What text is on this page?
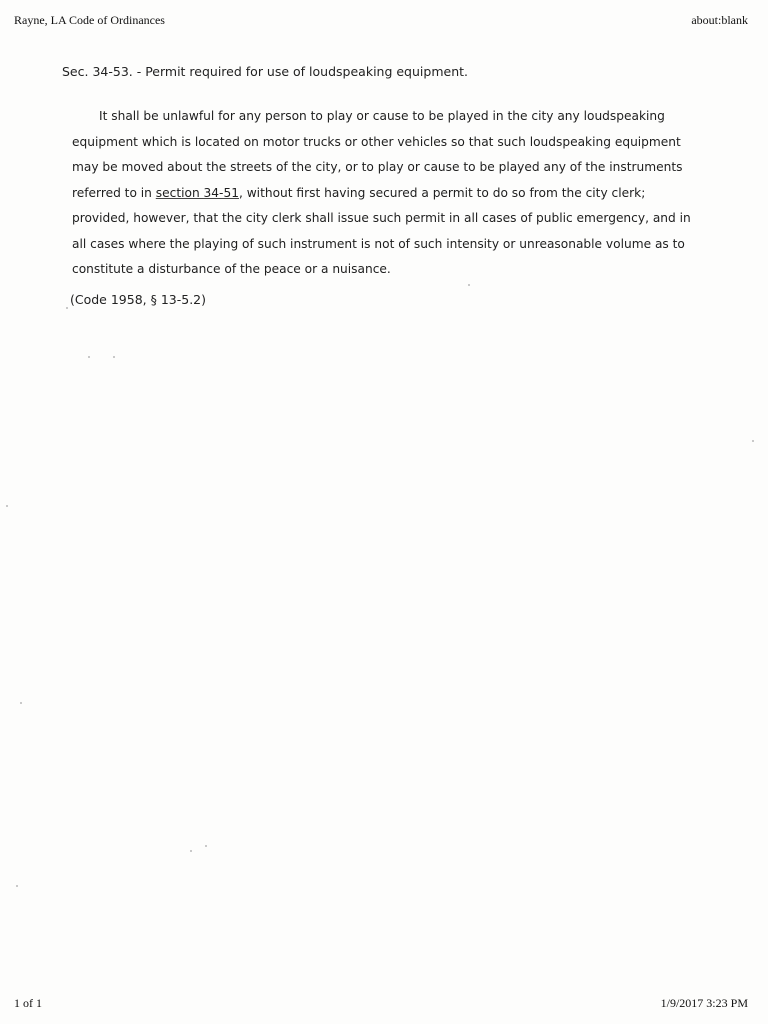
Rayne, LA Code of Ordinances	about:blank
Sec. 34-53. - Permit required for use of loudspeaking equipment.
It shall be unlawful for any person to play or cause to be played in the city any loudspeaking
equipment which is located on motor trucks or other vehicles so that such loudspeaking equipment
may be moved about the streets of the city, or to play or cause to be played any of the instruments
referred to in section 34-51, without first having secured a permit to do so from the city clerk;
provided, however, that the city clerk shall issue such permit in all cases of public emergency, and in
all cases where the playing of such instrument is not of such intensity or unreasonable volume as to
constitute a disturbance of the peace or a nuisance.
(Code 1958, § 13-5.2)
1 of 1	1/9/2017 3:23 PM
